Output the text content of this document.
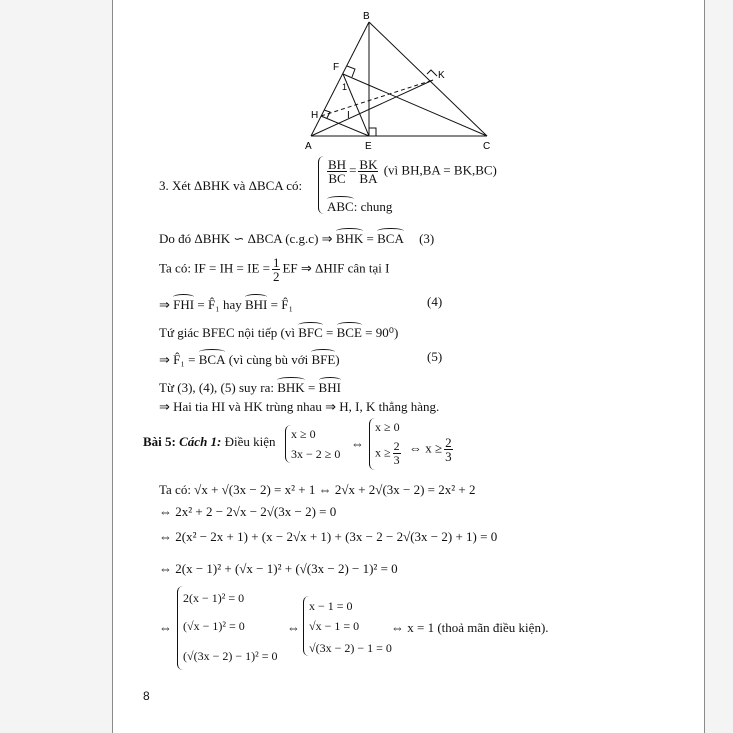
B
F
K
1
H	I
A	E	C
3. Xét ΔBHK và ΔBCA có:
$\frac{BH}{BC} = \frac{BK}{BA}$ (vì BH,BA = BK,BC)
ABC: chung
Do đó ΔBHK ∽ ΔBCA (c.g.c) ⇒ BHK = BCA (3)
Ta có: IF = IH = IE = $\frac{1}{2}$ EF ⇒ ΔHIF cân tại I
⇒ FHI = F̂₁ hay BHI = F̂₁	(4)
Tứ giác BFEC nội tiếp (vì BFC = BCE = 90⁰)
⇒ F̂₁ = BCA (vì cùng bù với BFE)	(5)
Từ (3), (4), (5) suy ra: BHK = BHI
⇒ Hai tia HI và HK trùng nhau ⇒ H, I, K thẳng hàng.
Bài 5: Cách 1: Điều kiện x ≥ 0
3x − 2 ≥ 0
⇔
x ≥ 0
$x \ge \frac{2}{3}$ ⇔ $x \ge \frac{2}{3}$
Ta có: √x + √(3x − 2) = x² + 1 ⇔ 2√x + 2√(3x − 2) = 2x² + 2
⇔ 2x² + 2 − 2√x − 2√(3x − 2) = 0
⇔ 2(x² − 2x + 1) + (x − 2√x + 1) + (3x − 2 − 2√(3x − 2) + 1) = 0
⇔ 2(x − 1)² + (√x − 1)² + (√(3x − 2) − 1)² = 0
⇔
2(x − 1)² = 0
(√x − 1)² = 0
(√(3x − 2) − 1)² = 0
⇔
x − 1 = 0
√x − 1 = 0
√(3x − 2) − 1 = 0
⇔ x = 1 (thoả mãn điều kiện).
8
